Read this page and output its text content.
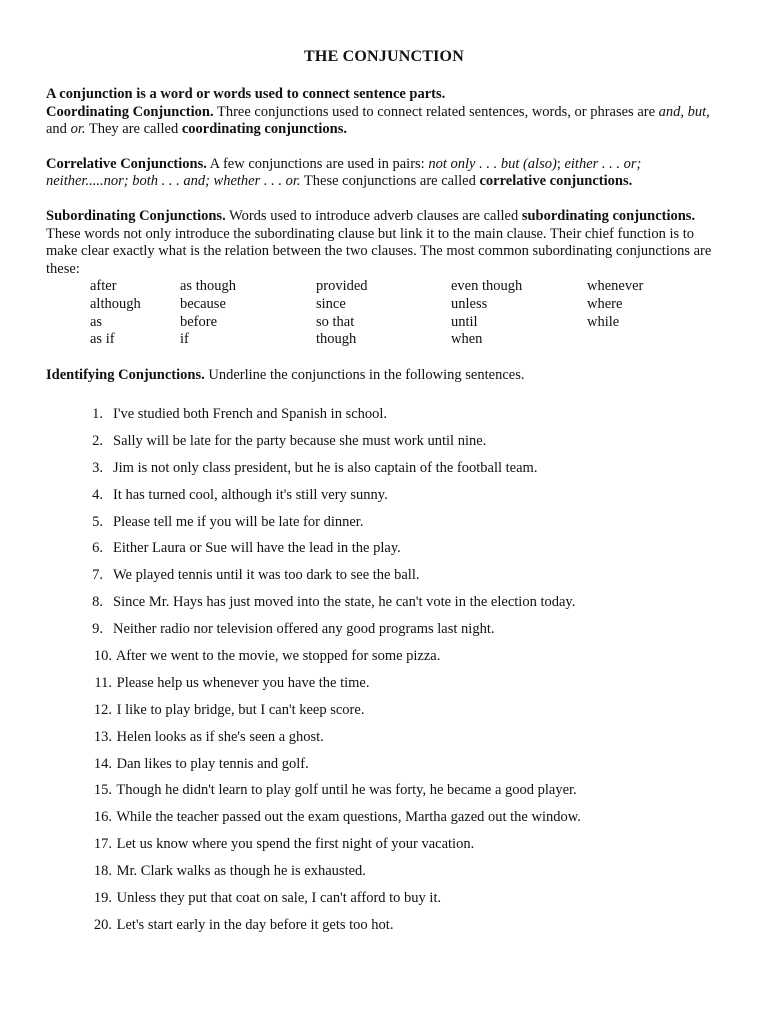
THE CONJUNCTION

A conjunction is a word or words used to connect sentence parts.

Coordinating Conjunction. Three conjunctions used to connect related sentences, words, or phrases are and, but, and or. They are called coordinating conjunctions.

Correlative Conjunctions. A few conjunctions are used in pairs: not only . . . but (also); either . . . or; neither.....nor; both . . . and; whether . . . or. These conjunctions are called correlative conjunctions.

Subordinating Conjunctions. Words used to introduce adverb clauses are called subordinating conjunctions. These words not only introduce the subordinating clause but link it to the main clause. Their chief function is to make clear exactly what is the relation between the two clauses. The most common subordinating conjunctions are these:

after	as though	provided	even though	whenever
although	because	since	unless	where
as	before	so that	until	while
as if	if	though	when

Identifying Conjunctions. Underline the conjunctions in the following sentences.

1. I've studied both French and Spanish in school.
2. Sally will be late for the party because she must work until nine.
3. Jim is not only class president, but he is also captain of the football team.
4. It has turned cool, although it's still very sunny.
5. Please tell me if you will be late for dinner.
6. Either Laura or Sue will have the lead in the play.
7. We played tennis until it was too dark to see the ball.
8. Since Mr. Hays has just moved into the state, he can't vote in the election today.
9. Neither radio nor television offered any good programs last night.
10. After we went to the movie, we stopped for some pizza.
11. Please help us whenever you have the time.
12. I like to play bridge, but I can't keep score.
13. Helen looks as if she's seen a ghost.
14. Dan likes to play tennis and golf.
15. Though he didn't learn to play golf until he was forty, he became a good player.
16. While the teacher passed out the exam questions, Martha gazed out the window.
17. Let us know where you spend the first night of your vacation.
18. Mr. Clark walks as though he is exhausted.
19. Unless they put that coat on sale, I can't afford to buy it.
20. Let's start early in the day before it gets too hot.
